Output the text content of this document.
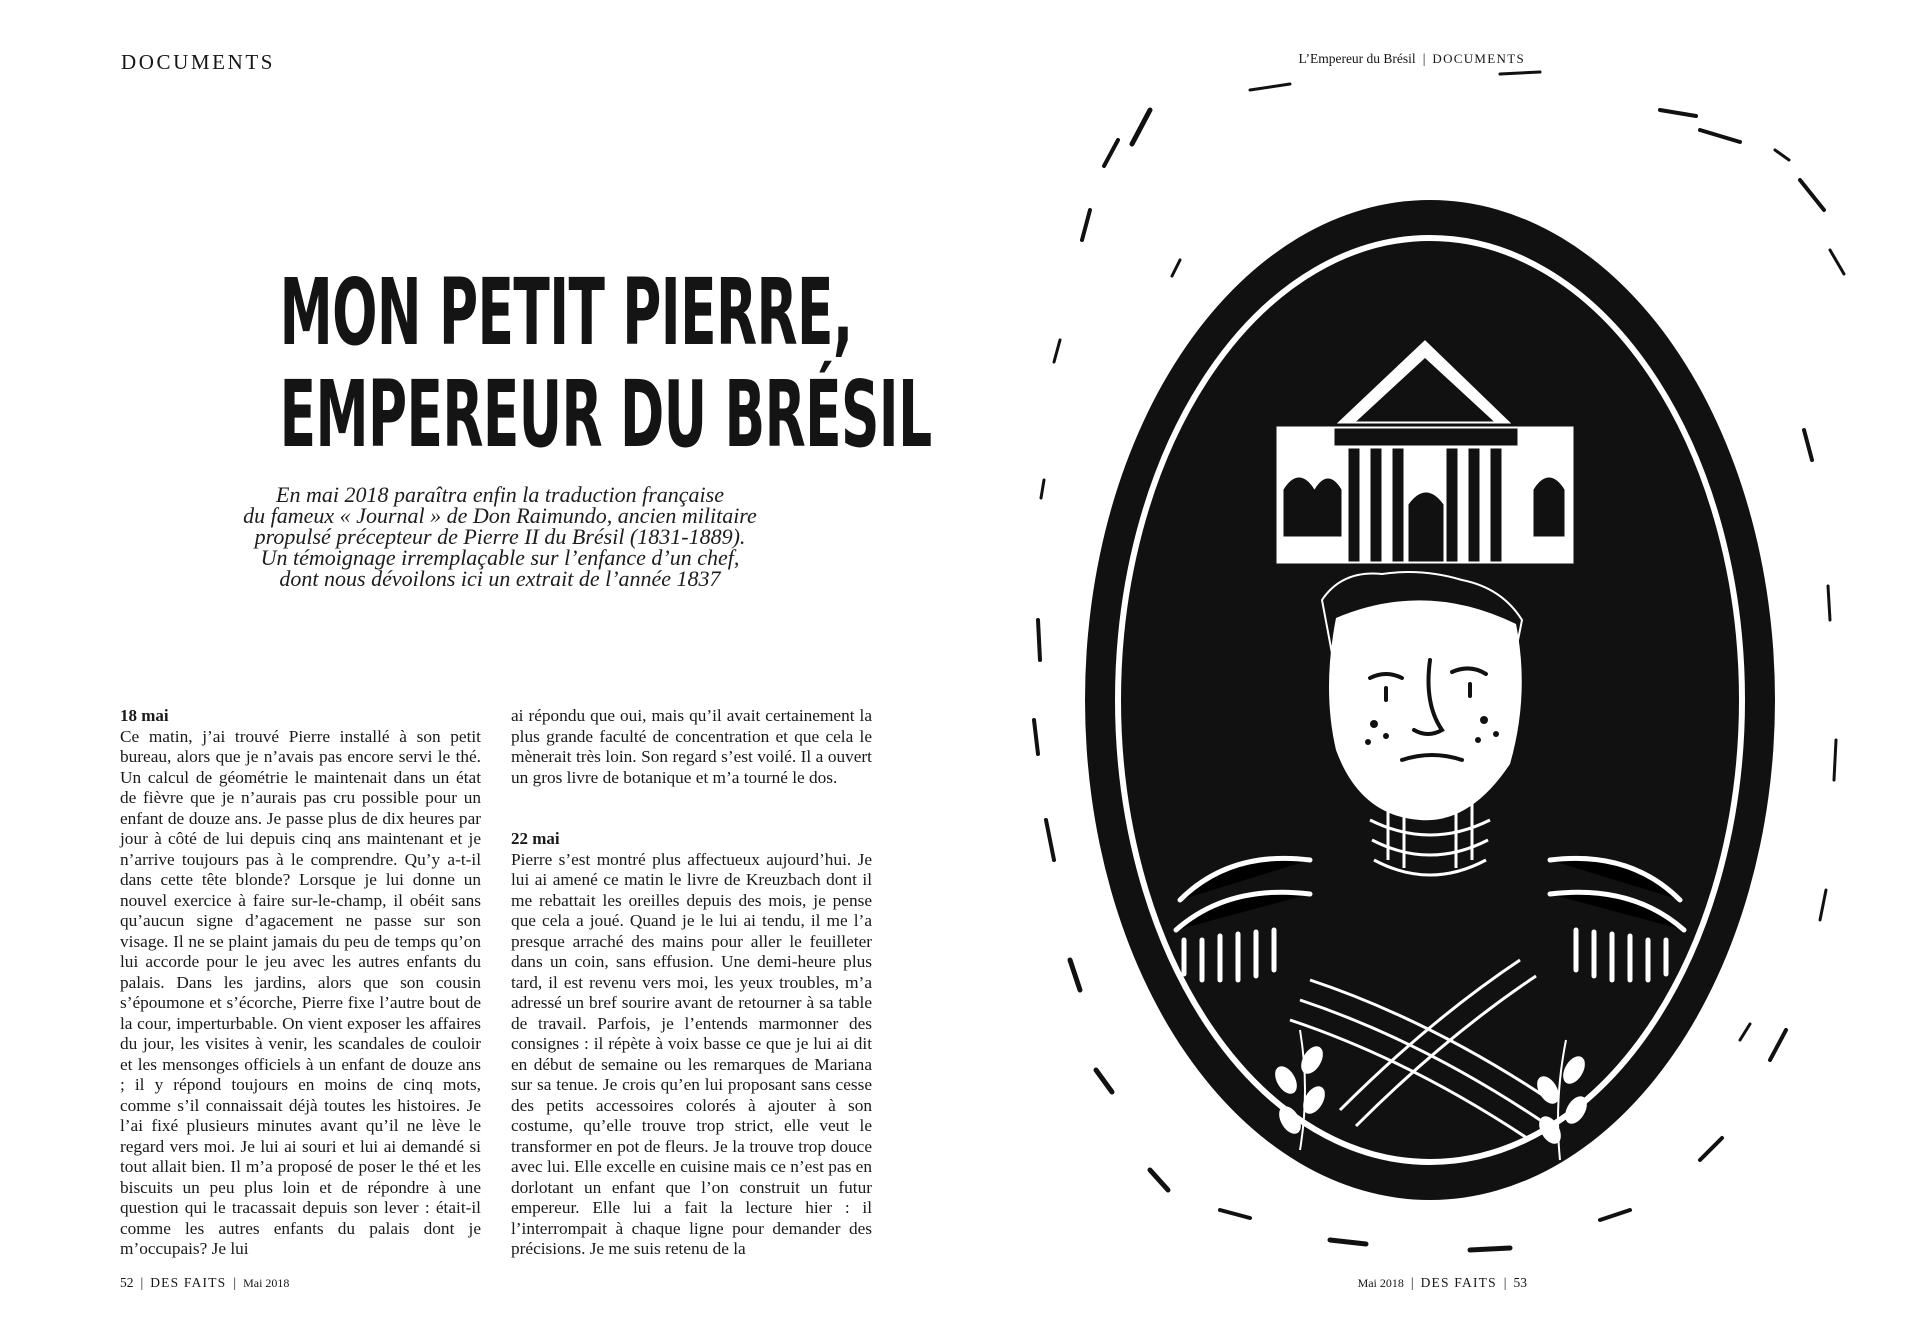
DOCUMENTS	L’Empereur du Brésil | DOCUMENTS
MON PETIT PIERRE,
EMPEREUR DU BRÉSIL
En mai 2018 paraîtra enfin la traduction française
du fameux « Journal » de Don Raimundo, ancien militaire
propulsé précepteur de Pierre II du Brésil (1831-1889).
Un témoignage irremplaçable sur l’enfance d’un chef,
dont nous dévoilons ici un extrait de l’année 1837
18 mai

Ce matin, j’ai trouvé Pierre installé à son petit bureau, alors que je n’avais pas encore servi le thé. Un calcul de géométrie le maintenait dans un état de fièvre que je n’aurais pas cru possible pour un enfant de douze ans. Je passe plus de dix heures par jour à côté de lui depuis cinq ans maintenant et je n’arrive toujours pas à le comprendre. Qu’y a-t-il dans cette tête blonde? Lorsque je lui donne un nouvel exercice à faire sur-le-champ, il obéit sans qu’aucun signe d’agacement ne passe sur son visage. Il ne se plaint jamais du peu de temps qu’on lui accorde pour le jeu avec les autres enfants du palais. Dans les jardins, alors que son cousin s’époumone et s’écorche, Pierre fixe l’autre bout de la cour, imperturbable. On vient exposer les affaires du jour, les visites à venir, les scandales de couloir et les mensonges officiels à un enfant de douze ans ; il y répond toujours en moins de cinq mots, comme s’il connaissait déjà toutes les histoires. Je l’ai fixé plusieurs minutes avant qu’il ne lève le regard vers moi. Je lui ai souri et lui ai demandé si tout allait bien. Il m’a proposé de poser le thé et les biscuits un peu plus loin et de répondre à une question qui le tracassait depuis son lever : était-il comme les autres enfants du palais dont je m’occupais? Je lui

ai répondu que oui, mais qu’il avait certainement la plus grande faculté de concentration et que cela le mènerait très loin. Son regard s’est voilé. Il a ouvert un gros livre de botanique et m’a tourné le dos.

22 mai

Pierre s’est montré plus affectueux aujourd’hui. Je lui ai amené ce matin le livre de Kreuzbach dont il me rebattait les oreilles depuis des mois, je pense que cela a joué. Quand je le lui ai tendu, il me l’a presque arraché des mains pour aller le feuilleter dans un coin, sans effusion. Une demi-heure plus tard, il est revenu vers moi, les yeux troubles, m’a adressé un bref sourire avant de retourner à sa table de travail. Parfois, je l’entends marmonner des consignes : il répète à voix basse ce que je lui ai dit en début de semaine ou les remarques de Mariana sur sa tenue. Je crois qu’en lui proposant sans cesse des petits accessoires colorés à ajouter à son costume, qu’elle trouve trop strict, elle veut le transformer en pot de fleurs. Je la trouve trop douce avec lui. Elle excelle en cuisine mais ce n’est pas en dorlotant un enfant que l’on construit un futur empereur. Elle lui a fait la lecture hier : il l’interrompait à chaque ligne pour demander des précisions. Je me suis retenu de la

52 | DES FAITS | Mai 2018	Mai 2018 | DES FAITS | 53
